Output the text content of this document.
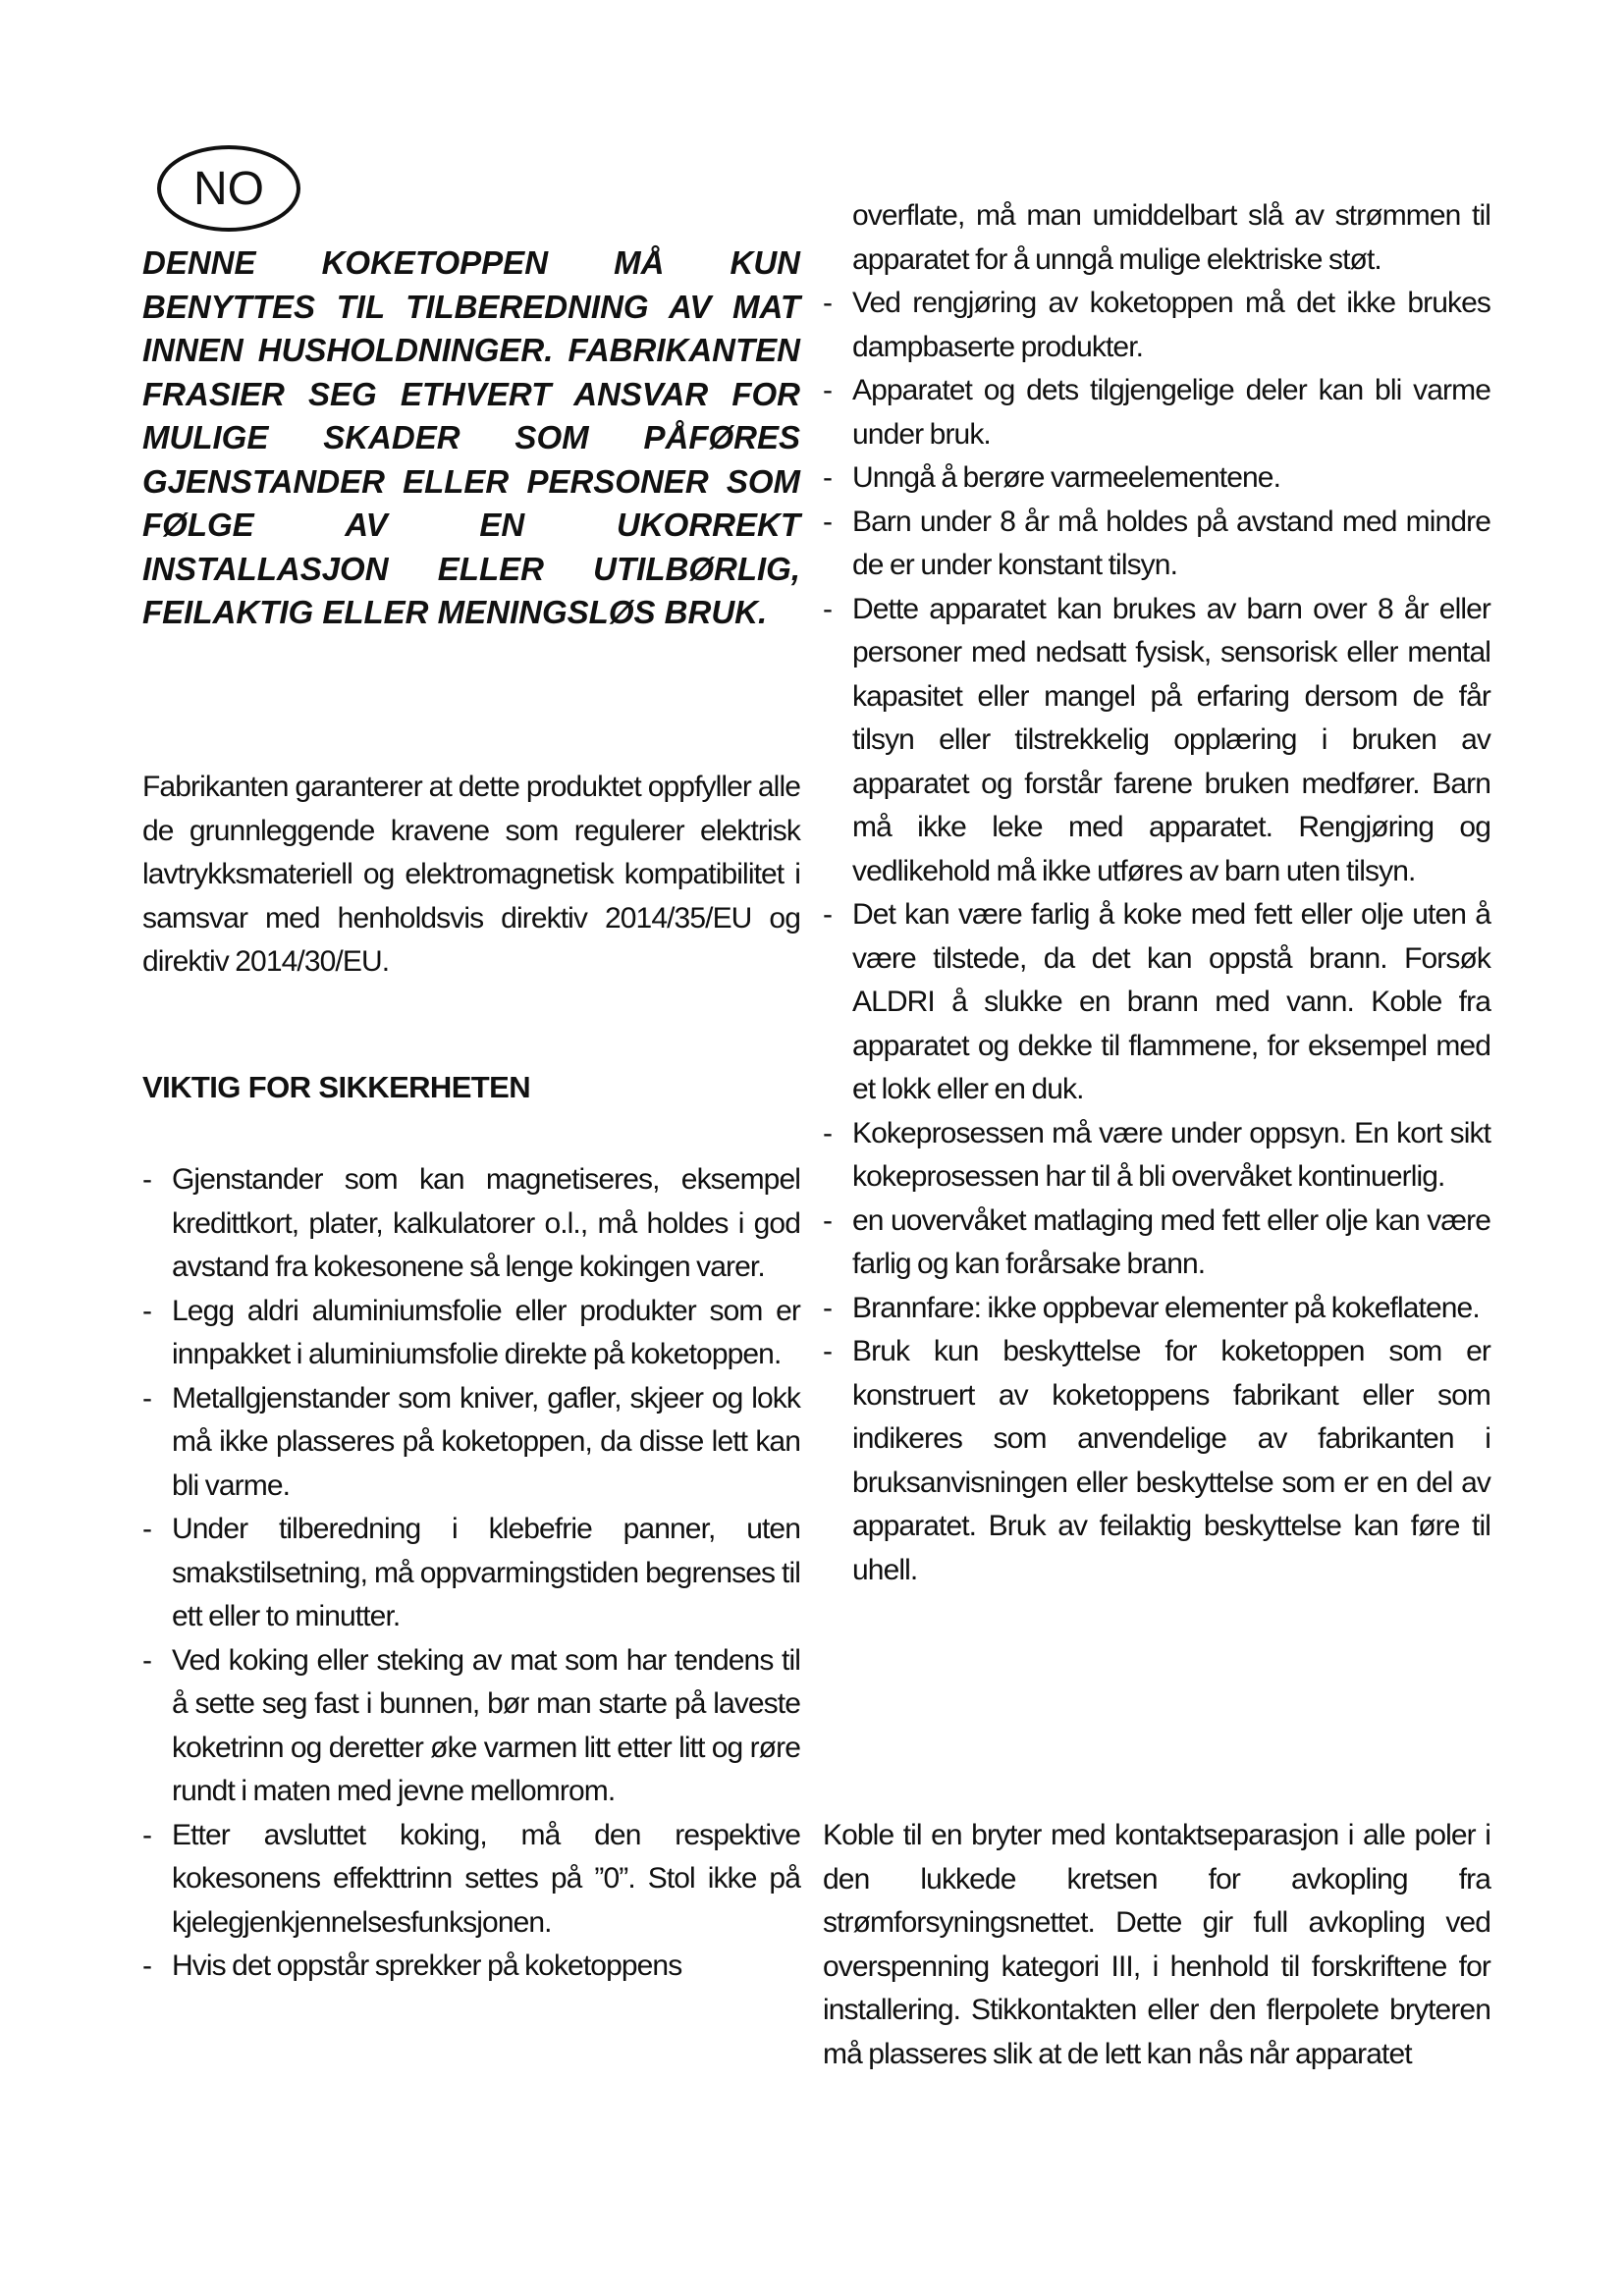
NO

DENNE KOKETOPPEN MÅ KUN BENYTTES TIL TILBEREDNING AV MAT INNEN HUSHOLDNINGER. FABRIKANTEN FRASIER SEG ETHVERT ANSVAR FOR MULIGE SKADER SOM PÅFØRES GJENSTANDER ELLER PERSONER SOM FØLGE AV EN UKORREKT INSTALLASJON ELLER UTILBØRLIG, FEILAKTIG ELLER MENINGSLØS BRUK.

Fabrikanten garanterer at dette produktet oppfyller alle de grunnleggende kravene som regulerer elektrisk lavtrykksmateriell og elektromagnetisk kompatibilitet i samsvar med henholdsvis direktiv 2014/35/EU og direktiv 2014/30/EU.

VIKTIG FOR SIKKERHETEN
- Gjenstander som kan magnetiseres, eksempel kredittkort, plater, kalkulatorer o.l., må holdes i god avstand fra kokesonene så lenge kokingen varer.
- Legg aldri aluminiumsfolie eller produkter som er innpakket i aluminiumsfolie direkte på koketoppen.
- Metallgjenstander som kniver, gafler, skjeer og lokk må ikke plasseres på koketoppen, da disse lett kan bli varme.
- Under tilberedning i klebefrie panner, uten smakstilsetning, må oppvarmingstiden begrenses til ett eller to minutter.
- Ved koking eller steking av mat som har tendens til å sette seg fast i bunnen, bør man starte på laveste koketrinn og deretter øke varmen litt etter litt og røre rundt i maten med jevne mellomrom.
- Etter avsluttet koking, må den respektive kokesonens effekttrinn settes på ”0”. Stol ikke på kjelegjenkjennelsesfunksjonen.
- Hvis det oppstår sprekker på koketoppens

overflate, må man umiddelbart slå av strømmen til apparatet for å unngå mulige elektriske støt.

- Ved rengjøring av koketoppen må det ikke brukes dampbaserte produkter.
- Apparatet og dets tilgjengelige deler kan bli varme under bruk.
- Unngå å berøre varmeelementene.
- Barn under 8 år må holdes på avstand med mindre de er under konstant tilsyn.
- Dette apparatet kan brukes av barn over 8 år eller personer med nedsatt fysisk, sensorisk eller mental kapasitet eller mangel på erfaring dersom de får tilsyn eller tilstrekkelig opplæring i bruken av apparatet og forstår farene bruken medfører. Barn må ikke leke med apparatet. Rengjøring og vedlikehold må ikke utføres av barn uten tilsyn.
- Det kan være farlig å koke med fett eller olje uten å være tilstede, da det kan oppstå brann. Forsøk ALDRI å slukke en brann med vann. Koble fra apparatet og dekke til flammene, for eksempel med et lokk eller en duk.
- Kokeprosessen må være under oppsyn. En kort sikt kokeprosessen har til å bli overvåket kontinuerlig.
- en uovervåket matlaging med fett eller olje kan være farlig og kan forårsake brann.
- Brannfare: ikke oppbevar elementer på kokeflatene.
- Bruk kun beskyttelse for koketoppen som er konstruert av koketoppens fabrikant eller som indikeres som anvendelige av fabrikanten i bruksanvisningen eller beskyttelse som er en del av apparatet. Bruk av feilaktig beskyttelse kan føre til uhell.

Koble til en bryter med kontaktseparasjon i alle poler i den lukkede kretsen for avkopling fra strømforsyningsnettet. Dette gir full avkopling ved overspenning kategori III, i henhold til forskriftene for installering. Stikkontakten eller den flerpolete bryteren må plasseres slik at de lett kan nås når apparatet
